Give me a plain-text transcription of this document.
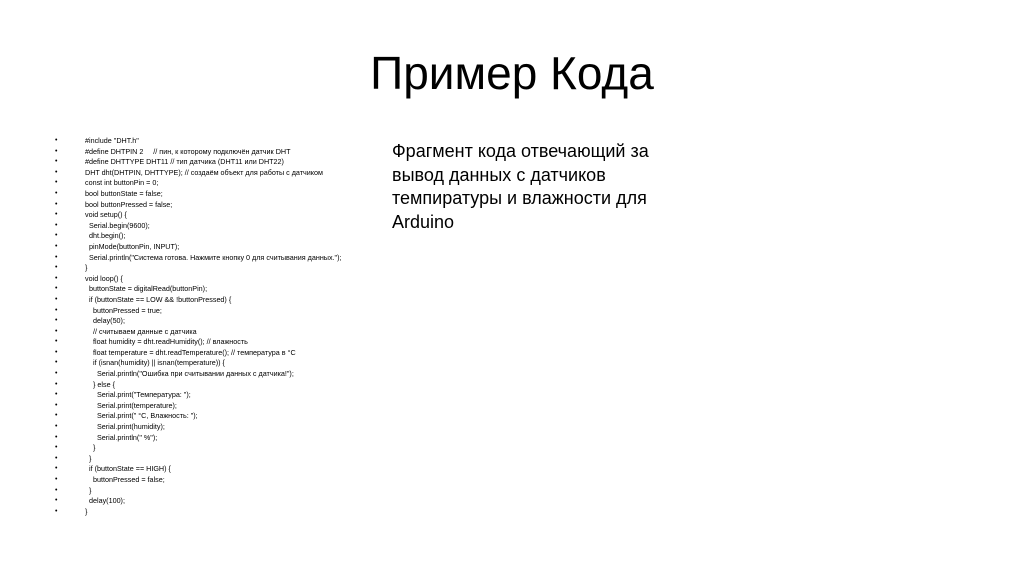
Пример Кода
•	#include "DHT.h"
•	#define DHTPIN 2     // пин, к которому подключён датчик DHT
•	#define DHTTYPE DHT11 // тип датчика (DHT11 или DHT22)
•	DHT dht(DHTPIN, DHTTYPE); // создаём объект для работы с датчиком
•	const int buttonPin = 0;
•	bool buttonState = false;
•	bool buttonPressed = false;
•	void setup() {
•	Serial.begin(9600);
•	dht.begin();
•	pinMode(buttonPin, INPUT);
•	Serial.println("Система готова. Нажмите кнопку 0 для считывания данных.");
•	}
•	void loop() {
•	buttonState = digitalRead(buttonPin);
•	if (buttonState == LOW && !buttonPressed) {
•	buttonPressed = true;
•	delay(50);
•	// считываем данные с датчика
•	float humidity = dht.readHumidity(); // влажность
•	float temperature = dht.readTemperature(); // температура в °C
•	if (isnan(humidity) || isnan(temperature)) {
•	Serial.println("Ошибка при считывании данных с датчика!");
•	} else {
•	Serial.print("Температура: ");
•	Serial.print(temperature);
•	Serial.print(" °C, Влажность: ");
•	Serial.print(humidity);
•	Serial.println(" %");
•	}
•	}
•	if (buttonState == HIGH) {
•	buttonPressed = false;
•	}
•	delay(100);
•	}

Фрагмент кода отвечающий за вывод данных с датчиков темпиратуры и влажности для Arduino
